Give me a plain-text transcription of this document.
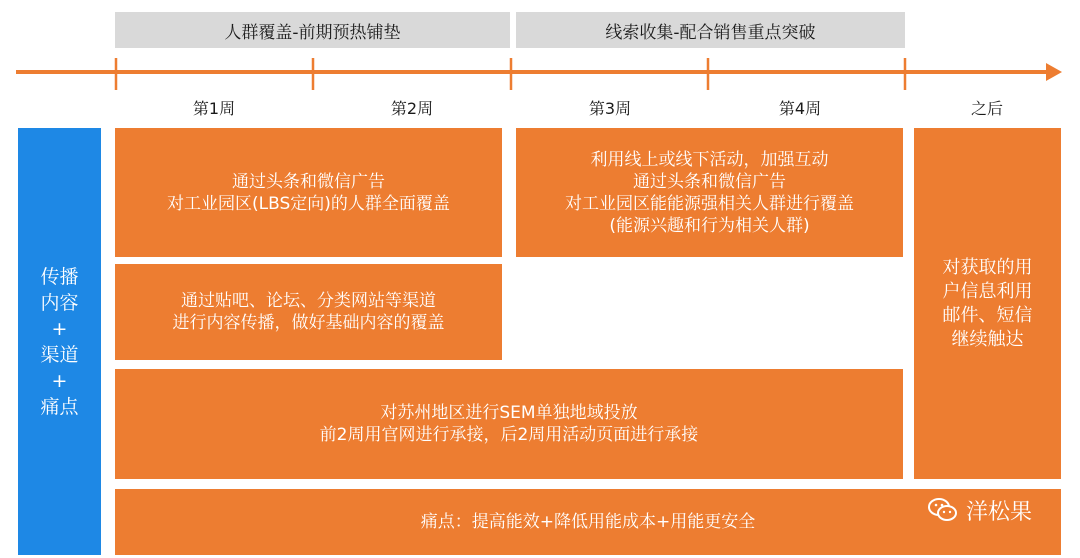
人群覆盖-前期预热铺垫	线索收集-配合销售重点突破
第1周	第2周	第3周	第4周	之后
传播
内容
+
渠道
+
痛点
通过头条和微信广告
对工业园区(LBS定向)的人群全面覆盖
利用线上或线下活动，加强互动
通过头条和微信广告
对工业园区能能源强相关人群进行覆盖
(能源兴趣和行为相关人群)
通过贴吧、论坛、分类网站等渠道
进行内容传播，做好基础内容的覆盖
对苏州地区进行SEM单独地域投放
前2周用官网进行承接，后2周用活动页面进行承接
对获取的用
户信息利用
邮件、短信
继续触达
痛点：提高能效+降低用能成本+用能更安全	洋松果
